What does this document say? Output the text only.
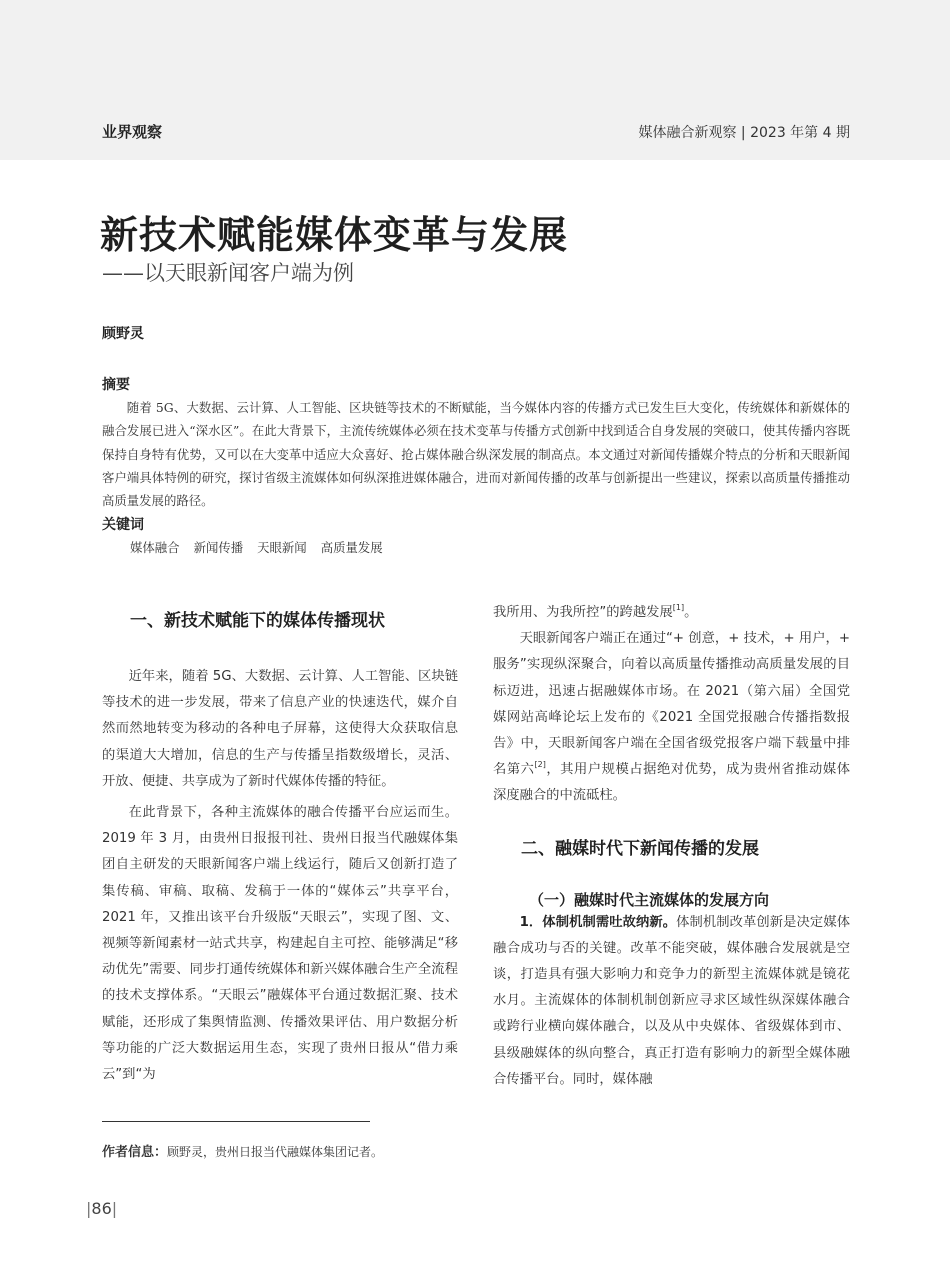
业界观察	媒体融合新观察 | 2023 年第 4 期
新技术赋能媒体变革与发展
——以天眼新闻客户端为例
顾野灵
摘要

随着 5G、大数据、云计算、人工智能、区块链等技术的不断赋能，当今媒体内容的传播方式已发生巨大变化，传统媒体和新媒体的融合发展已进入“深水区”。在此大背景下，主流传统媒体必须在技术变革与传播方式创新中找到适合自身发展的突破口，使其传播内容既保持自身特有优势，又可以在大变革中适应大众喜好、抢占媒体融合纵深发展的制高点。本文通过对新闻传播媒介特点的分析和天眼新闻客户端具体特例的研究，探讨省级主流媒体如何纵深推进媒体融合，进而对新闻传播的改革与创新提出一些建议，探索以高质量传播推动高质量发展的路径。

关键词
媒体融合 新闻传播 天眼新闻 高质量发展
一、新技术赋能下的媒体传播现状

近年来，随着 5G、大数据、云计算、人工智能、区块链等技术的进一步发展，带来了信息产业的快速迭代，媒介自然而然地转变为移动的各种电子屏幕，这使得大众获取信息的渠道大大增加，信息的生产与传播呈指数级增长，灵活、开放、便捷、共享成为了新时代媒体传播的特征。

在此背景下，各种主流媒体的融合传播平台应运而生。2019 年 3 月，由贵州日报报刊社、贵州日报当代融媒体集团自主研发的天眼新闻客户端上线运行，随后又创新打造了集传稿、审稿、取稿、发稿于一体的“媒体云”共享平台，2021 年，又推出该平台升级版“天眼云”，实现了图、文、视频等新闻素材一站式共享，构建起自主可控、能够满足“移动优先”需要、同步打通传统媒体和新兴媒体融合生产全流程的技术支撑体系。“天眼云”融媒体平台通过数据汇聚、技术赋能，还形成了集舆情监测、传播效果评估、用户数据分析等功能的广泛大数据运用生态，实现了贵州日报从“借力乘云”到“为

我所用、为我所控”的跨越发展[1]。

天眼新闻客户端正在通过“+ 创意，+ 技术，+ 用户，+ 服务”实现纵深聚合，向着以高质量传播推动高质量发展的目标迈进，迅速占据融媒体市场。在 2021（第六届）全国党媒网站高峰论坛上发布的《2021 全国党报融合传播指数报告》中，天眼新闻客户端在全国省级党报客户端下载量中排名第六[2]，其用户规模占据绝对优势，成为贵州省推动媒体深度融合的中流砥柱。

二、融媒时代下新闻传播的发展
（一）融媒时代主流媒体的发展方向

1．体制机制需吐故纳新。体制机制改革创新是决定媒体融合成功与否的关键。改革不能突破，媒体融合发展就是空谈，打造具有强大影响力和竞争力的新型主流媒体就是镜花水月。主流媒体的体制机制创新应寻求区域性纵深媒体融合或跨行业横向媒体融合，以及从中央媒体、省级媒体到市、县级融媒体的纵向整合，真正打造有影响力的新型全媒体融合传播平台。同时，媒体融

作者信息：顾野灵，贵州日报当代融媒体集团记者。
|86|
